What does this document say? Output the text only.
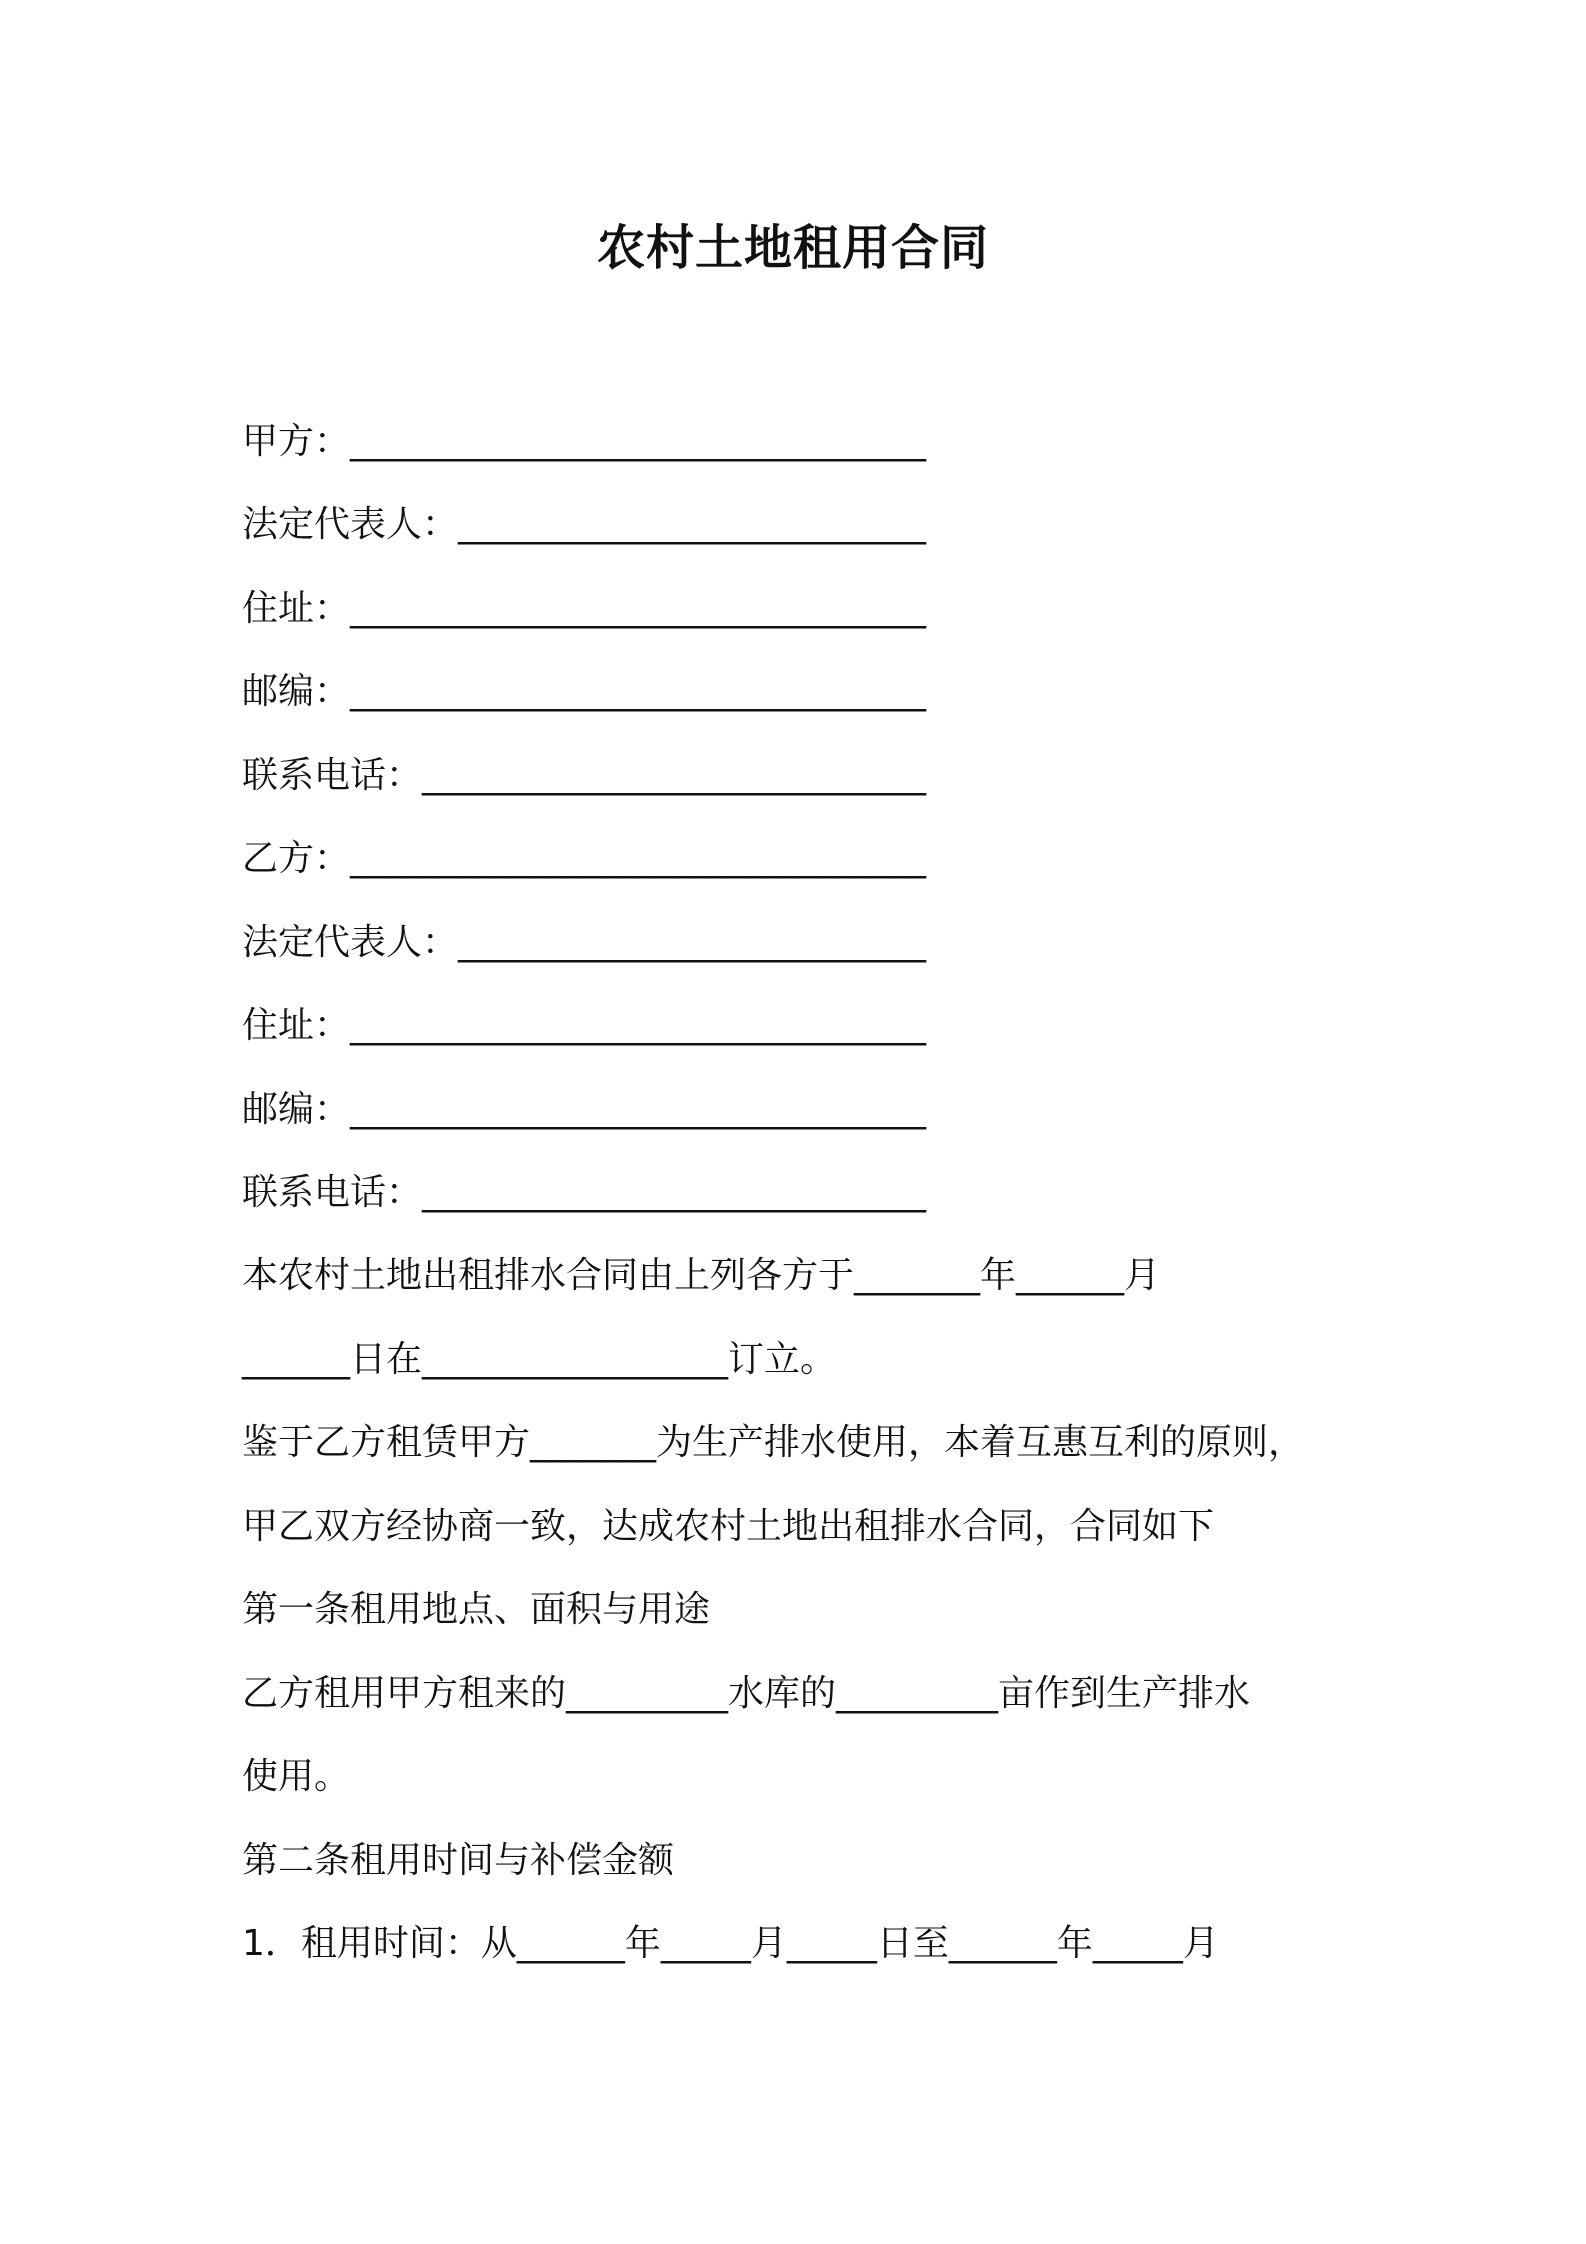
农村土地租用合同
甲方：________________________________
法定代表人：__________________________
住址：________________________________
邮编：________________________________
联系电话：____________________________
乙方：________________________________
法定代表人：__________________________
住址：________________________________
邮编：________________________________
联系电话：____________________________
本农村土地出租排水合同由上列各方于_______年______月
______日在_________________订立。
鉴于乙方租赁甲方_______为生产排水使用，本着互惠互利的原则，
甲乙双方经协商一致，达成农村土地出租排水合同，合同如下
第一条租用地点、面积与用途
乙方租用甲方租来的_________水库的_________亩作到生产排水
使用。
第二条租用时间与补偿金额
1．租用时间：从______年_____月_____日至______年_____月
